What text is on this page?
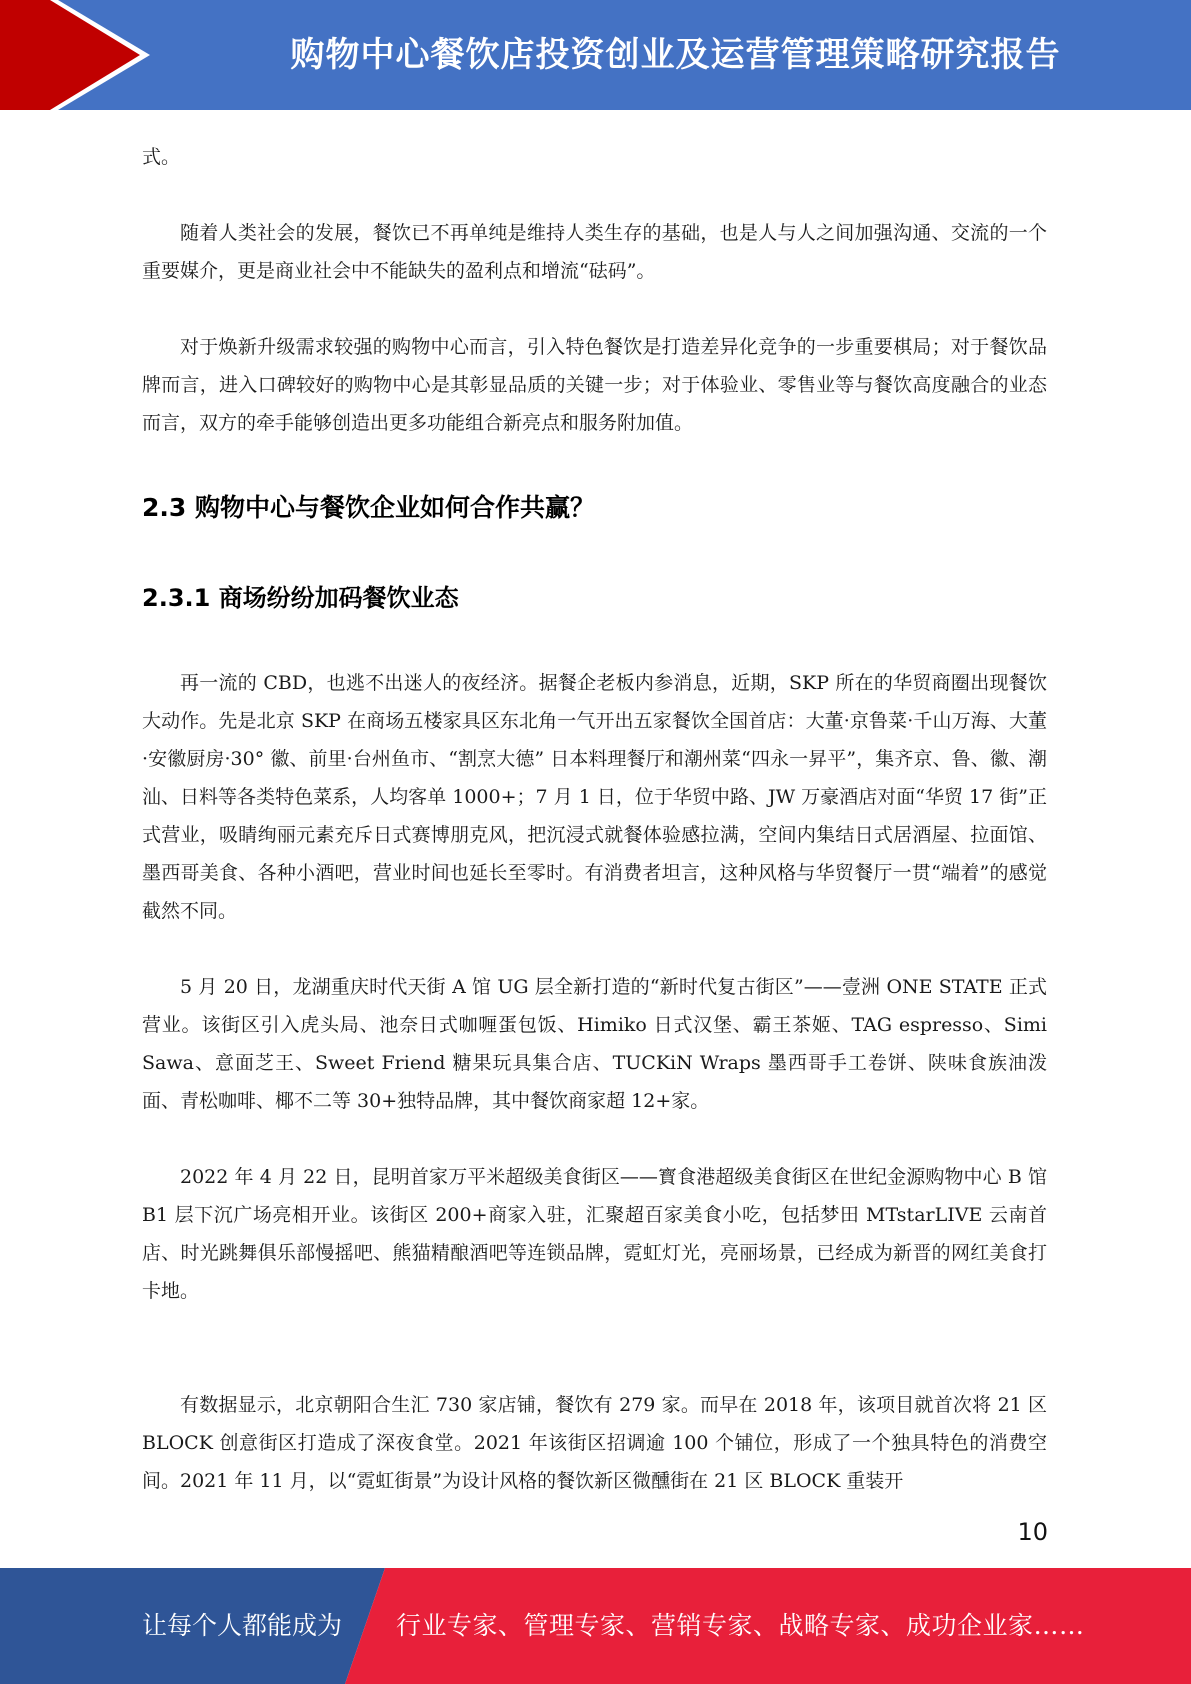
购物中心餐饮店投资创业及运营管理策略研究报告

式。

随着人类社会的发展，餐饮已不再单纯是维持人类生存的基础，也是人与人之间加强沟通、交流的一个重要媒介，更是商业社会中不能缺失的盈利点和增流“砝码”。

对于焕新升级需求较强的购物中心而言，引入特色餐饮是打造差异化竞争的一步重要棋局；对于餐饮品牌而言，进入口碑较好的购物中心是其彰显品质的关键一步；对于体验业、零售业等与餐饮高度融合的业态而言，双方的牵手能够创造出更多功能组合新亮点和服务附加值。

2.3 购物中心与餐饮企业如何合作共赢？
2.3.1 商场纷纷加码餐饮业态

再一流的 CBD，也逃不出迷人的夜经济。据餐企老板内参消息，近期，SKP 所在的华贸商圈出现餐饮大动作。先是北京 SKP 在商场五楼家具区东北角一气开出五家餐饮全国首店：大董·京鲁菜·千山万海、大董·安徽厨房·30° 徽、前里·台州鱼市、“割烹大德” 日本料理餐厅和潮州菜“四永一昇平”，集齐京、鲁、徽、潮汕、日料等各类特色菜系，人均客单 1000+；7 月 1 日，位于华贸中路、JW 万豪酒店对面“华贸 17 街”正式营业，吸睛绚丽元素充斥日式赛博朋克风，把沉浸式就餐体验感拉满，空间内集结日式居酒屋、拉面馆、墨西哥美食、各种小酒吧，营业时间也延长至零时。有消费者坦言，这种风格与华贸餐厅一贯“端着”的感觉截然不同。

5 月 20 日，龙湖重庆时代天街 A 馆 UG 层全新打造的“新时代复古街区”——壹洲 ONE STATE 正式营业。该街区引入虎头局、池奈日式咖喱蛋包饭、Himiko 日式汉堡、霸王茶姬、TAG espresso、Simi Sawa、意面芝王、Sweet Friend 糖果玩具集合店、TUCKiN Wraps 墨西哥手工卷饼、陕味食族油泼面、青松咖啡、椰不二等 30+独特品牌，其中餐饮商家超 12+家。

2022 年 4 月 22 日，昆明首家万平米超级美食街区——寳食港超级美食街区在世纪金源购物中心 B 馆 B1 层下沉广场亮相开业。该街区 200+商家入驻，汇聚超百家美食小吃，包括梦田 MTstarLIVE 云南首店、时光跳舞俱乐部慢摇吧、熊猫精酿酒吧等连锁品牌，霓虹灯光，亮丽场景，已经成为新晋的网红美食打卡地。

有数据显示，北京朝阳合生汇 730 家店铺，餐饮有 279 家。而早在 2018 年，该项目就首次将 21 区 BLOCK 创意街区打造成了深夜食堂。2021 年该街区招调逾 100 个铺位，形成了一个独具特色的消费空间。2021 年 11 月，以“霓虹街景”为设计风格的餐饮新区微醺街在 21 区 BLOCK 重装开

10
让每个人都能成为 行业专家、管理专家、营销专家、战略专家、成功企业家……
